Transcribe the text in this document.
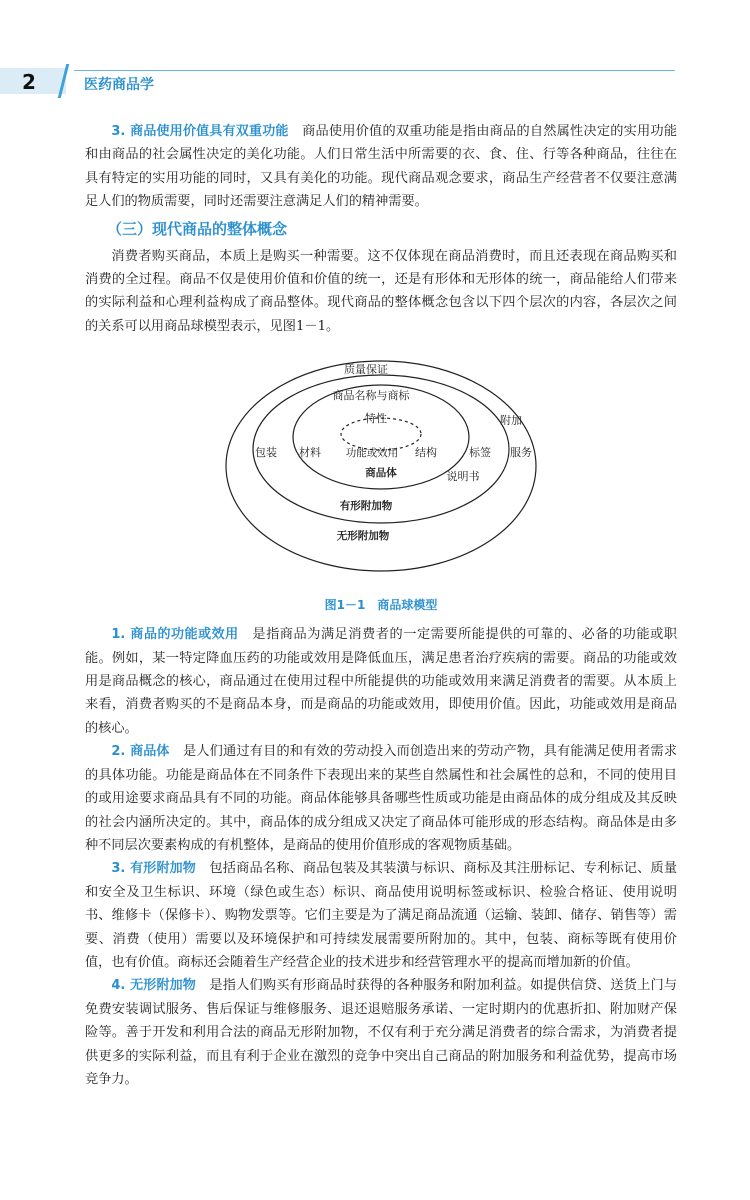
2	医药商品学

3. 商品使用价值具有双重功能　 商品使用价值的双重功能是指由商品的自然属性决定的实用功能和由商品的社会属性决定的美化功能。人们日常生活中所需要的衣、食、住、行等各种商品，往往在具有特定的实用功能的同时，又具有美化的功能。现代商品观念要求，商品生产经营者不仅要注意满足人们的物质需要，同时还需要注意满足人们的精神需要。

（三）现代商品的整体概念

消费者购买商品，本质上是购买一种需要。这不仅体现在商品消费时，而且还表现在商品购买和消费的全过程。商品不仅是使用价值和价值的统一，还是有形体和无形体的统一，商品能给人们带来的实际利益和心理利益构成了商品整体。现代商品的整体概念包含以下四个层次的内容，各层次之间的关系可以用商品球模型表示，见图1－1。

质量保证
商品名称与商标
特性	附加
包装 材料 功能或效用 结构	标签 服务
商品体	说明书
有形附加物
无形附加物
图1－1　商品球模型

1. 商品的功能或效用　 是指商品为满足消费者的一定需要所能提供的可靠的、必备的功能或职能。例如，某一特定降血压药的功能或效用是降低血压，满足患者治疗疾病的需要。商品的功能或效用是商品概念的核心，商品通过在使用过程中所能提供的功能或效用来满足消费者的需要。从本质上来看，消费者购买的不是商品本身，而是商品的功能或效用，即使用价值。因此，功能或效用是商品的核心。

2. 商品体　 是人们通过有目的和有效的劳动投入而创造出来的劳动产物，具有能满足使用者需求的具体功能。功能是商品体在不同条件下表现出来的某些自然属性和社会属性的总和，不同的使用目的或用途要求商品具有不同的功能。商品体能够具备哪些性质或功能是由商品体的成分组成及其反映的社会内涵所决定的。其中，商品体的成分组成又决定了商品体可能形成的形态结构。商品体是由多种不同层次要素构成的有机整体，是商品的使用价值形成的客观物质基础。

3. 有形附加物　 包括商品名称、商品包装及其装潢与标识、商标及其注册标记、专利标记、质量和安全及卫生标识、环境（绿色或生态）标识、商品使用说明标签或标识、检验合格证、使用说明书、维修卡（保修卡）、购物发票等。它们主要是为了满足商品流通（运输、装卸、储存、销售等）需要、消费（使用）需要以及环境保护和可持续发展需要所附加的。其中，包装、商标等既有使用价值，也有价值。商标还会随着生产经营企业的技术进步和经营管理水平的提高而增加新的价值。

4. 无形附加物　 是指人们购买有形商品时获得的各种服务和附加利益。如提供信贷、送货上门与免费安装调试服务、售后保证与维修服务、退还退赔服务承诺、一定时期内的优惠折扣、附加财产保险等。善于开发和利用合法的商品无形附加物，不仅有利于充分满足消费者的综合需求，为消费者提供更多的实际利益，而且有利于企业在激烈的竞争中突出自己商品的附加服务和利益优势，提高市场竞争力。
